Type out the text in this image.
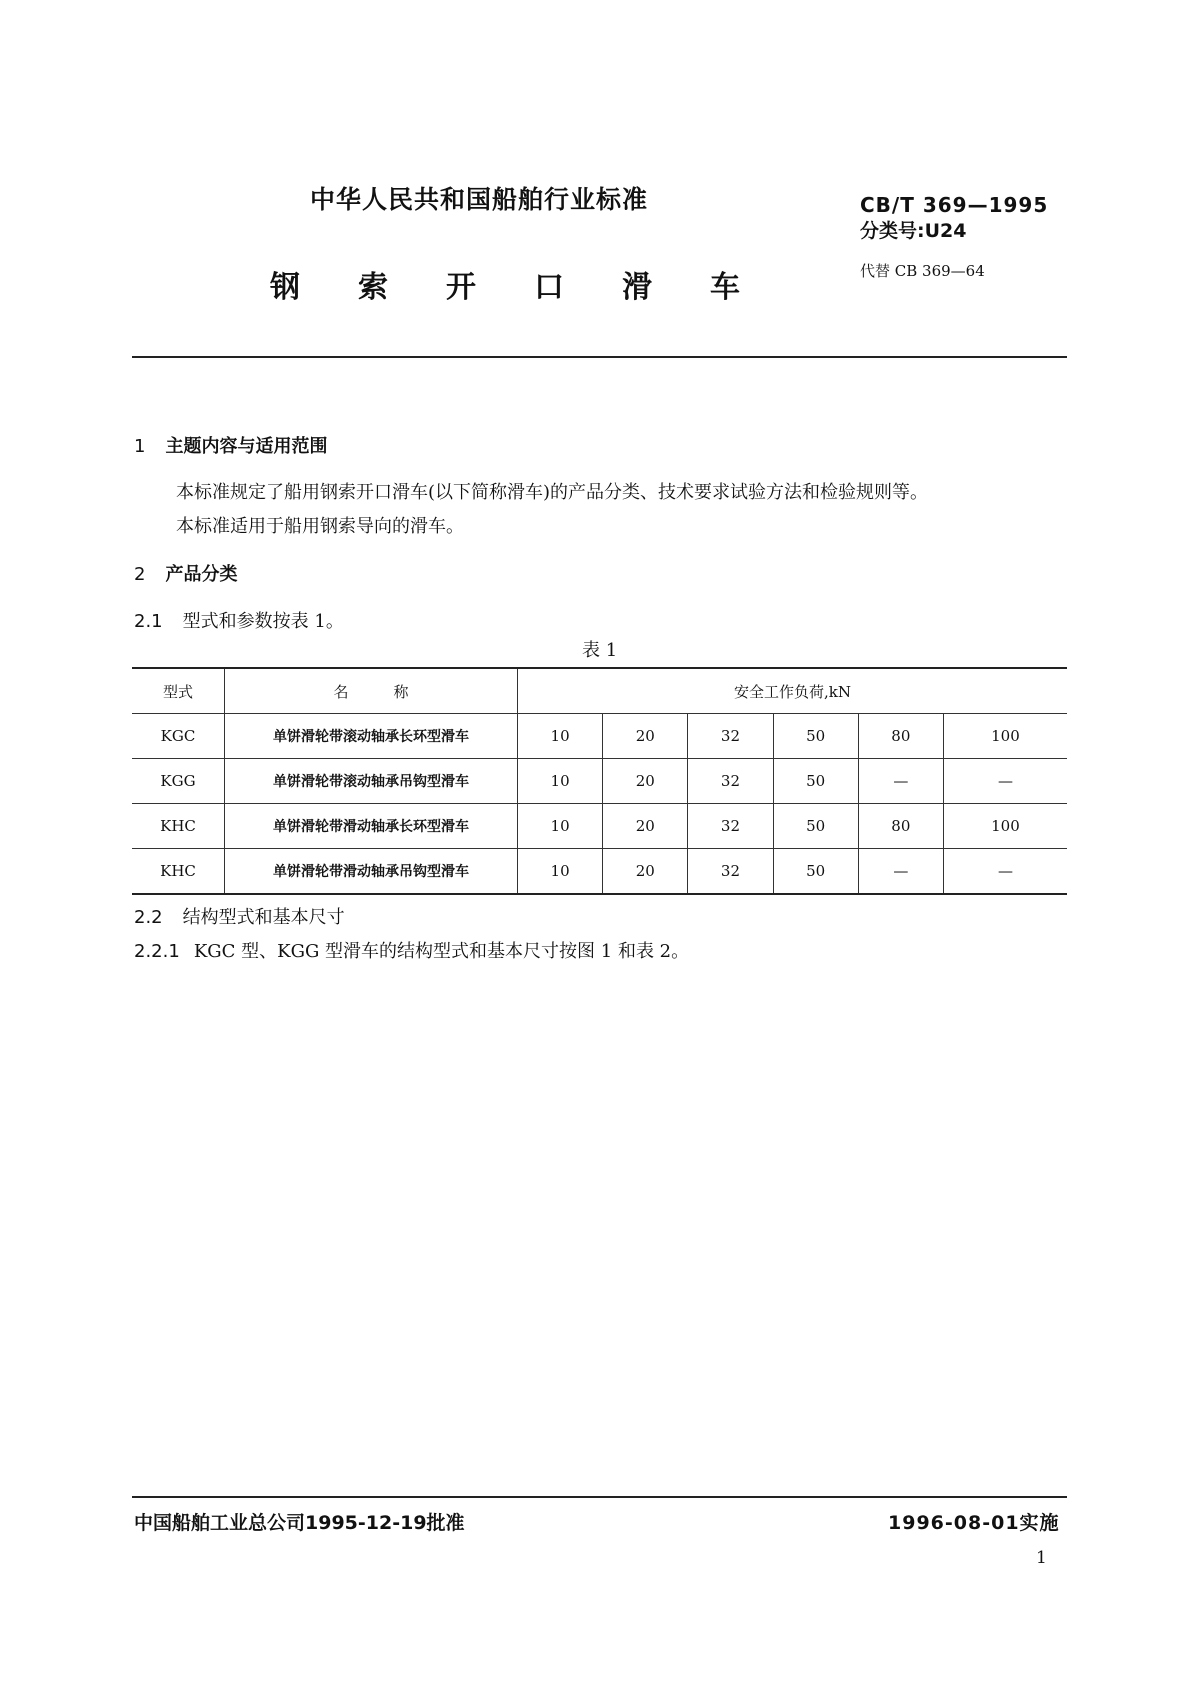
中华人民共和国船舶行业标准
钢 索 开 口 滑 车
CB/T 369—1995
分类号:U24
代替 CB 369—64
1 主题内容与适用范围
本标准规定了船用钢索开口滑车(以下简称滑车)的产品分类、技术要求试验方法和检验规则等。
本标准适用于船用钢索导向的滑车。
2 产品分类
2.1 型式和参数按表 1。
表 1
型式	名　　　称	安全工作负荷,kN					
KGC	单饼滑轮带滚动轴承长环型滑车	10	20	32	50	80	100
KGG	单饼滑轮带滚动轴承吊钩型滑车	10	20	32	50	—	—
KHC	单饼滑轮带滑动轴承长环型滑车	10	20	32	50	80	100
KHC	单饼滑轮带滑动轴承吊钩型滑车	10	20	32	50	—	—
2.2 结构型式和基本尺寸
2.2.1 KGC 型、KGG 型滑车的结构型式和基本尺寸按图 1 和表 2。
中国船舶工业总公司1995-12-19批准	1996-08-01实施
1
